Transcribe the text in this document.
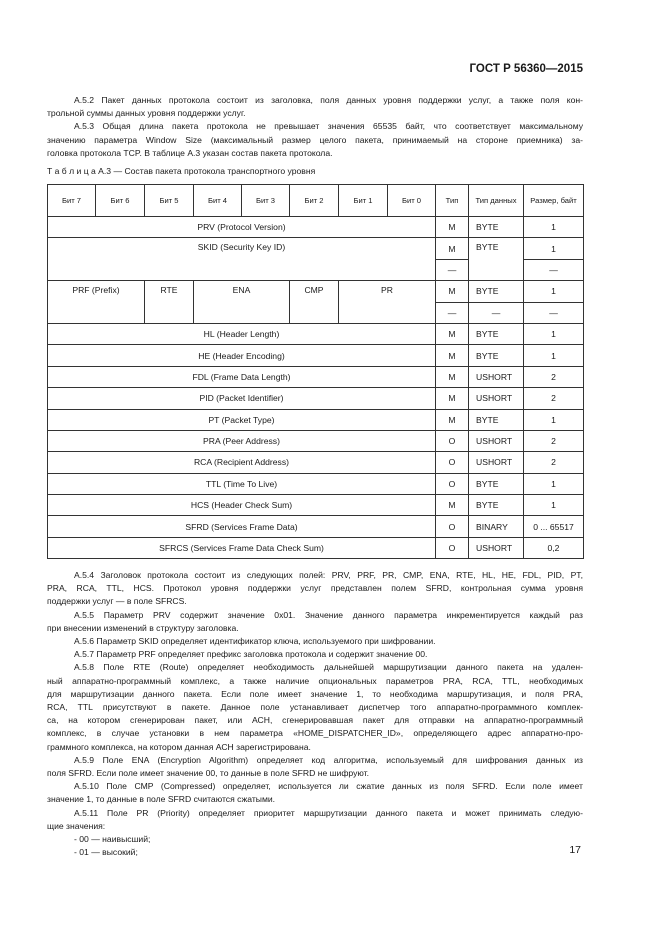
ГОСТ Р 56360—2015
А.5.2 Пакет данных протокола состоит из заголовка, поля данных уровня поддержки услуг, а также поля кон-
трольной суммы данных уровня поддержки услуг.
А.5.3 Общая длина пакета протокола не превышает значения 65535 байт, что соответствует максимальному
значению параметра Window Size (максимальный размер целого пакета, принимаемый на стороне приемника) за-
головка протокола TCP. В таблице А.3 указан состав пакета протокола.
Т а б л и ц а А.3 — Состав пакета протокола транспортного уровня
Бит 7	Бит 6	Бит 5	Бит 4	Бит 3	Бит 2	Бит 1	Бит 0	Тип	Тип данных	Размер, байт
PRV (Protocol Version)								M	BYTE	1
SKID (Security Key ID)								M	BYTE	1
								—		—
PRF (Prefix)		RTE	ENA		CMP	PR		M	BYTE	1
								—	—	—
HL (Header Length)								M	BYTE	1
HE (Header Encoding)								M	BYTE	1
FDL (Frame Data Length)								M	USHORT	2
PID (Packet Identifier)								M	USHORT	2
PT (Packet Type)								M	BYTE	1
PRA (Peer Address)								O	USHORT	2
RCA (Recipient Address)								O	USHORT	2
TTL (Time To Live)								O	BYTE	1
HCS (Header Check Sum)								M	BYTE	1
SFRD (Services Frame Data)								O	BINARY	0 ... 65517
SFRCS (Services Frame Data Check Sum)								O	USHORT	0,2
А.5.4 Заголовок протокола состоит из следующих полей: PRV, PRF, PR, CMP, ENA, RTE, HL, HE, FDL, PID, PT,
PRA, RCA, TTL, HCS. Протокол уровня поддержки услуг представлен полем SFRD, контрольная сумма уровня
поддержки услуг — в поле SFRCS.
А.5.5 Параметр PRV содержит значение 0x01. Значение данного параметра инкрементируется каждый раз
при внесении изменений в структуру заголовка.
А.5.6 Параметр SKID определяет идентификатор ключа, используемого при шифровании.
А.5.7 Параметр PRF определяет префикс заголовка протокола и содержит значение 00.
А.5.8 Поле RTE (Route) определяет необходимость дальнейшей маршрутизации данного пакета на удален-
ный аппаратно-программный комплекс, а также наличие опциональных параметров PRA, RCA, TTL, необходимых
для маршрутизации данного пакета. Если поле имеет значение 1, то необходима маршрутизация, и поля PRA,
RCA, TTL присутствуют в пакете. Данное поле устанавливает диспетчер того аппаратно-программного комплек-
са, на котором сгенерирован пакет, или АСН, сгенерировавшая пакет для отправки на аппаратно-программный
комплекс, в случае установки в нем параметра «HOME_DISPATCHER_ID», определяющего адрес аппаратно-про-
граммного комплекса, на котором данная АСН зарегистрирована.
А.5.9 Поле ENA (Encryption Algorithm) определяет код алгоритма, используемый для шифрования данных из
поля SFRD. Если поле имеет значение 00, то данные в поле SFRD не шифруют.
А.5.10 Поле CMP (Compressed) определяет, используется ли сжатие данных из поля SFRD. Если поле имеет
значение 1, то данные в поле SFRD считаются сжатыми.
А.5.11 Поле PR (Priority) определяет приоритет маршрутизации данного пакета и может принимать следую-
щие значения:
- 00 — наивысший;
- 01 — высокий;	17
